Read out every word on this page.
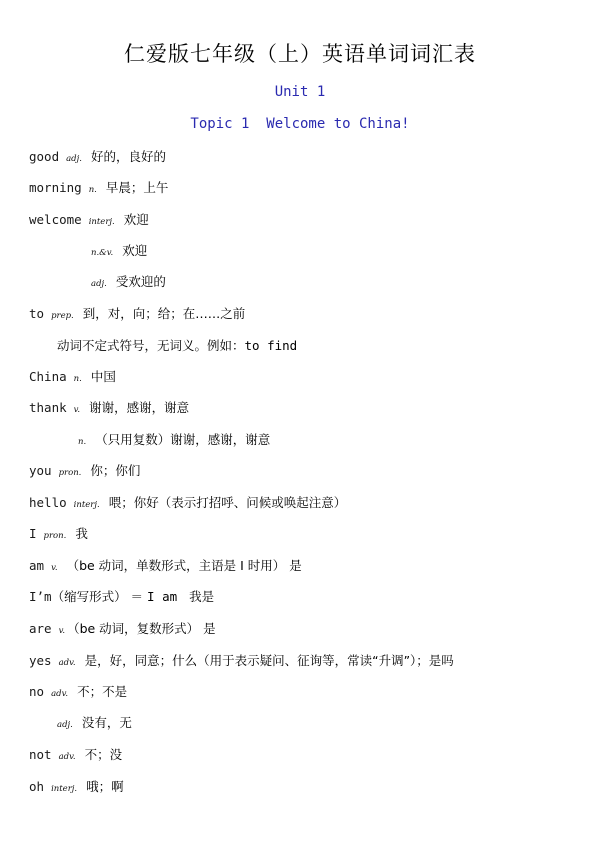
仁爱版七年级（上）英语单词词汇表
Unit 1
Topic 1  Welcome to China!
good adj. 好的，良好的
morning n. 早晨；上午
welcome interj. 欢迎
n.&v. 欢迎
adj. 受欢迎的
to prep. 到，对，向；给；在……之前
动词不定式符号，无词义。例如：to find
China n. 中国
thank v. 谢谢，感谢，谢意
n. （只用复数）谢谢，感谢，谢意
you pron. 你；你们
hello interj. 喂；你好（表示打招呼、问候或唤起注意）
I pron. 我
am v. （be 动词，单数形式，主语是 I 时用） 是
I’m（缩写形式） ＝ I am 我是
are v. （be 动词，复数形式） 是
yes adv. 是，好，同意；什么（用于表示疑问、征询等，常读“升调”）；是吗
no adv. 不；不是
adj. 没有，无
not adv. 不；没
oh interj. 哦；啊
